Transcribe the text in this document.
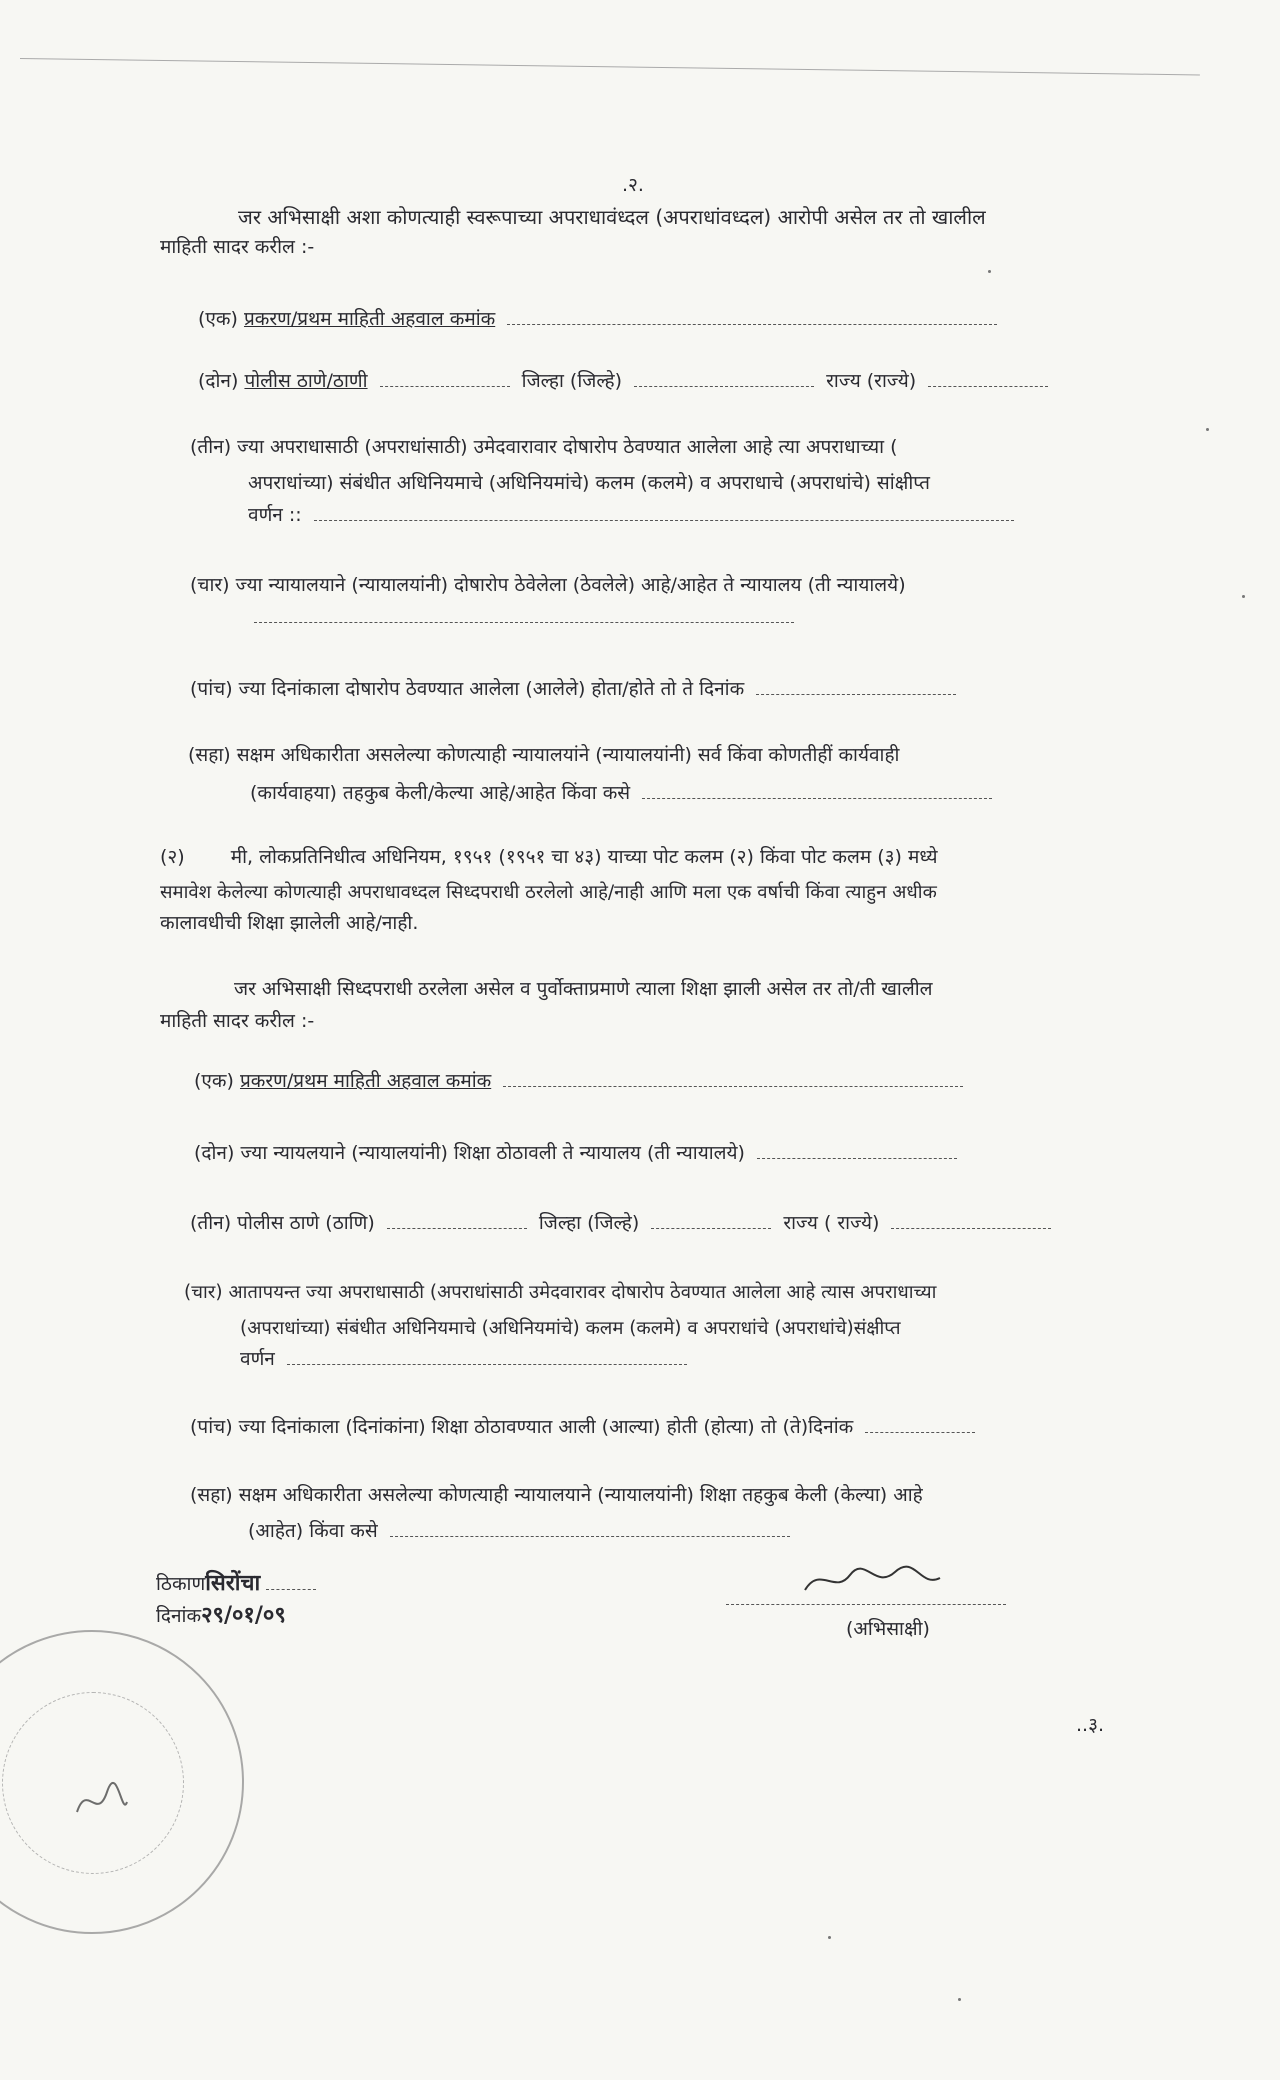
.२.
जर अभिसाक्षी अशा कोणत्याही स्वरूपाच्या अपराधावंध्दल (अपराधांवध्दल) आरोपी असेल तर तो खालील
माहिती सादर करील :-
(एक) प्रकरण/प्रथम माहिती अहवाल कमांक
(दोन) पोलीस ठाणे/ठाणी	जिल्हा (जिल्हे)	राज्य (राज्ये)
(तीन) ज्या अपराधासाठी (अपराधांसाठी) उमेदवारावार दोषारोप ठेवण्यात आलेला आहे त्या अपराधाच्या (
अपराधांच्या) संबंधीत अधिनियमाचे (अधिनियमांचे) कलम (कलमे) व अपराधाचे (अपराधांचे) सांक्षीप्त
वर्णन ::
(चार) ज्या न्यायालयाने (न्यायालयांनी) दोषारोप ठेवेलेला (ठेवलेले) आहे/आहेत ते न्यायालय (ती न्यायालये)
(पांच) ज्या दिनांकाला दोषारोप ठेवण्यात आलेला (आलेले) होता/होते तो ते दिनांक
(सहा) सक्षम अधिकारीता असलेल्या कोणत्याही न्यायालयांने (न्यायालयांनी) सर्व किंवा कोणतीहीं कार्यवाही
(कार्यवाहया) तहकुब केली/केल्या आहे/आहेत किंवा कसे
(२) मी, लोकप्रतिनिधीत्व अधिनियम, १९५१ (१९५१ चा ४३) याच्या पोट कलम (२) किंवा पोट कलम (३) मध्ये
समावेश केलेल्या कोणत्याही अपराधावध्दल सिध्दपराधी ठरलेलो आहे/नाही आणि मला एक वर्षाची किंवा त्याहुन अधीक
कालावधीची शिक्षा झालेली आहे/नाही.
जर अभिसाक्षी सिध्दपराधी ठरलेला असेल व पुर्वोक्ताप्रमाणे त्याला शिक्षा झाली असेल तर तो/ती खालील
माहिती सादर करील :-
(एक) प्रकरण/प्रथम माहिती अहवाल कमांक
(दोन) ज्या न्यायलयाने (न्यायालयांनी) शिक्षा ठोठावली ते न्यायालय (ती न्यायालये)
(तीन) पोलीस ठाणे (ठाणि)	जिल्हा (जिल्हे)	राज्य ( राज्ये)
(चार) आतापयन्त ज्या अपराधासाठी (अपराधांसाठी उमेदवारावर दोषारोप ठेवण्यात आलेला आहे त्यास अपराधाच्या
(अपराधांच्या) संबंधीत अधिनियमाचे (अधिनियमांचे) कलम (कलमे) व अपराधांचे (अपराधांचे)संक्षीप्त
वर्णन
(पांच) ज्या दिनांकाला (दिनांकांना) शिक्षा ठोठावण्यात आली (आल्या) होती (होत्या) तो (ते)दिनांक
(सहा) सक्षम अधिकारीता असलेल्या कोणत्याही न्यायालयाने (न्यायालयांनी) शिक्षा तहकुब केली (केल्या) आहे
(आहेत) किंवा कसे
ठिकाणसिरोंचा
दिनांक२९/०१/०९
(अभिसाक्षी)
..३.
